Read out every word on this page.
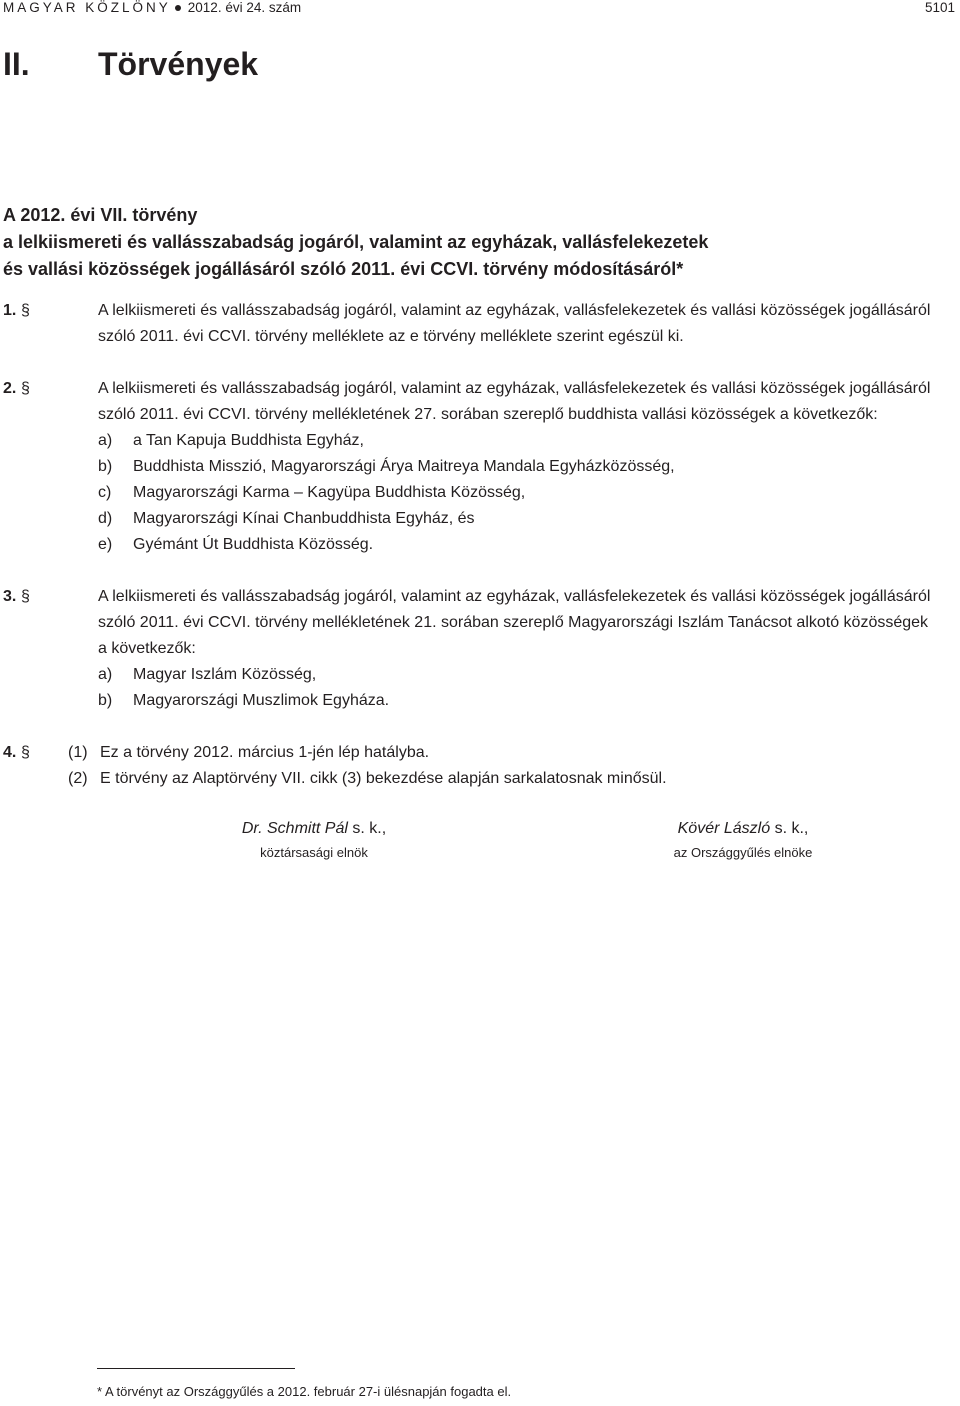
MAGYAR KÖZLÖNY 2012. évi 24. szám	5101
II. Törvények
A 2012. évi VII. törvény
a lelkiismereti és vallásszabadság jogáról, valamint az egyházak, vallásfelekezetek
és vallási közösségek jogállásáról szóló 2011. évi CCVI. törvény módosításáról*
1. §	A lelkiismereti és vallásszabadság jogáról, valamint az egyházak, vallásfelekezetek és vallási közösségek jogállásáról
szóló 2011. évi CCVI. törvény melléklete az e törvény melléklete szerint egészül ki.
2. §	A lelkiismereti és vallásszabadság jogáról, valamint az egyházak, vallásfelekezetek és vallási közösségek jogállásáról
szóló 2011. évi CCVI. törvény mellékletének 27. sorában szereplő buddhista vallási közösségek a következők:
a) a Tan Kapuja Buddhista Egyház,
b) Buddhista Misszió, Magyarországi Árya Maitreya Mandala Egyházközösség,
c) Magyarországi Karma – Kagyüpa Buddhista Közösség,
d) Magyarországi Kínai Chanbuddhista Egyház, és
e) Gyémánt Út Buddhista Közösség.
3. §	A lelkiismereti és vallásszabadság jogáról, valamint az egyházak, vallásfelekezetek és vallási közösségek jogállásáról
szóló 2011. évi CCVI. törvény mellékletének 21. sorában szereplő Magyarországi Iszlám Tanácsot alkotó közösségek
a következők:
a) Magyar Iszlám Közösség,
b) Magyarországi Muszlimok Egyháza.
4. § (1) Ez a törvény 2012. március 1-jén lép hatályba.
(2) E törvény az Alaptörvény VII. cikk (3) bekezdése alapján sarkalatosnak minősül.
Dr. Schmitt Pál s. k.,
köztársasági elnök
Kövér László s. k.,
az Országgyűlés elnöke
* A törvényt az Országgyűlés a 2012. február 27-i ülésnapján fogadta el.
